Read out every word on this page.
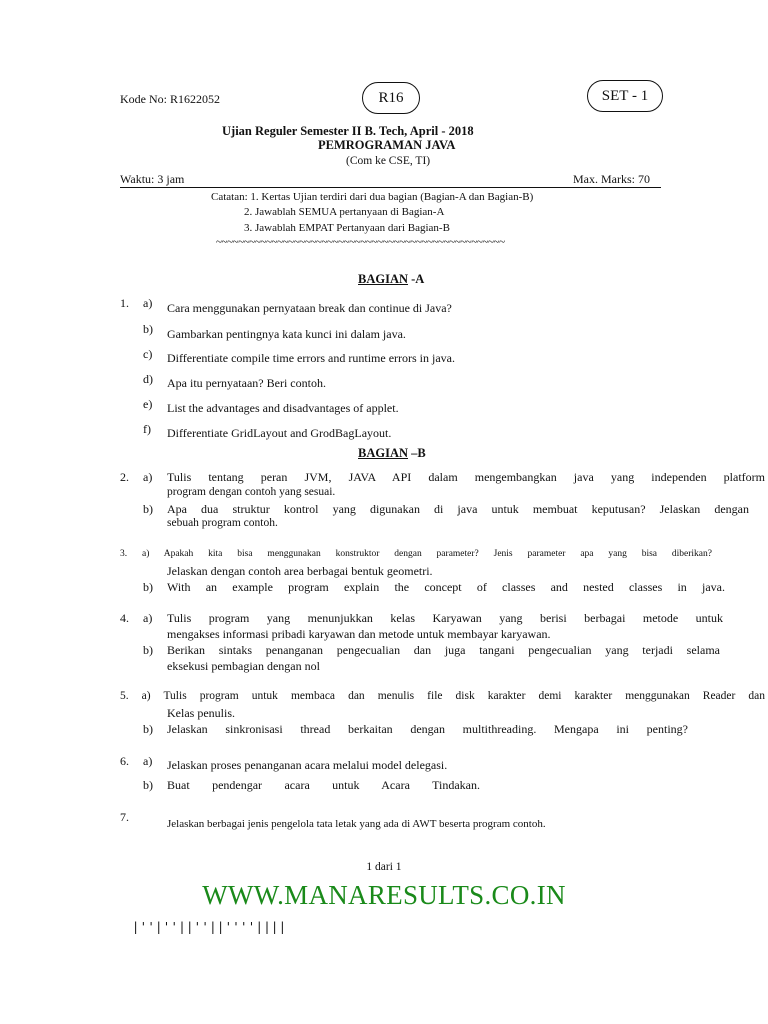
Kode No: R1622052	R16	SET - 1
Ujian Reguler Semester II B. Tech, April - 2018
PEMROGRAMAN JAVA
(Com ke CSE, TI)
Waktu: 3 jam	Max. Marks: 70
Catatan: 1. Kertas Ujian terdiri dari dua bagian (Bagian-A dan Bagian-B)
2. Jawablah SEMUA pertanyaan di Bagian-A
3. Jawablah EMPAT Pertanyaan dari Bagian-B
~~~~~~~~~~~~~~~~~~~~~~~~~~~~~~~~~~~~~~~~~~~~~~~~~~~~
BAGIAN -A
1. a) Cara menggunakan pernyataan break dan continue di Java?
b) Gambarkan pentingnya kata kunci ini dalam java.
c) Differentiate compile time errors and runtime errors in java.
d) Apa itu pernyataan? Beri contoh.
e) List the advantages and disadvantages of applet.
f) Differentiate GridLayout and GrodBagLayout.
BAGIAN –B
2. a) Tulis tentang peran JVM, JAVA API dalam mengembangkan java yang independen platform
program dengan contoh yang sesuai.
b) Apa dua struktur kontrol yang digunakan di java untuk membuat keputusan? Jelaskan dengan
sebuah program contoh.
3. a) Apakah kita bisa menggunakan konstruktor dengan parameter? Jenis parameter apa yang bisa diberikan?
Jelaskan dengan contoh area berbagai bentuk geometri.
b) With an example program explain the concept of classes and nested classes in java.
4. a) Tulis program yang menunjukkan kelas Karyawan yang berisi berbagai metode untuk
mengakses informasi pribadi karyawan dan metode untuk membayar karyawan.
b) Berikan sintaks penanganan pengecualian dan juga tangani pengecualian yang terjadi selama
eksekusi pembagian dengan nol
5. a) Tulis program untuk membaca dan menulis file disk karakter demi karakter menggunakan Reader dan
Kelas penulis.
b) Jelaskan sinkronisasi thread berkaitan dengan multithreading. Mengapa ini penting?
6. a) Jelaskan proses penanganan acara melalui model delegasi.
b) Buat pendengar acara untuk Acara Tindakan.
7.	Jelaskan berbagai jenis pengelola tata letak yang ada di AWT beserta program contoh.
1 dari 1
WWW.MANARESULTS.CO.IN
|''|''||''||''''||||
